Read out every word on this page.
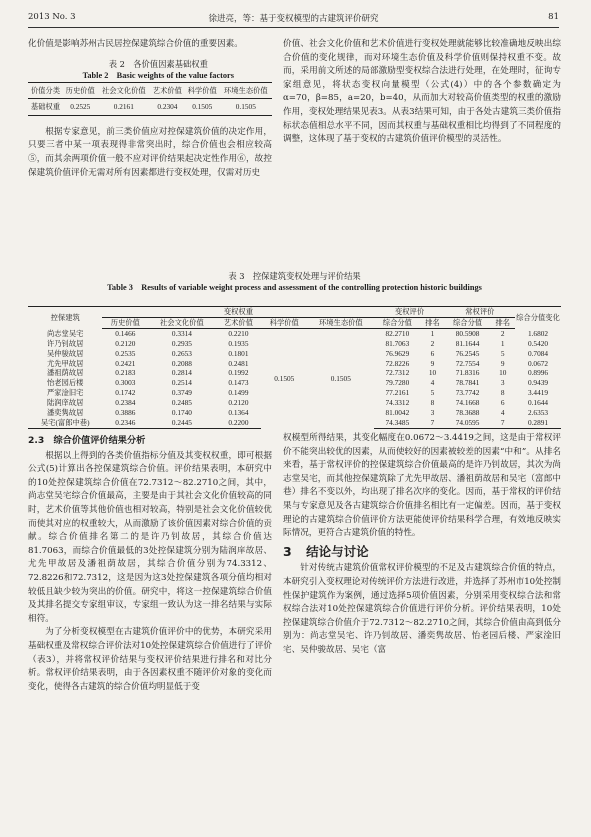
2013 No. 3	徐进亮，等：基于变权模型的古建筑评价研究	81

化价值是影响苏州古民居控保建筑综合价值的重要因素。

表 2　各价值因素基础权重

Table 2　Basic weights of the value factors

价值分类	历史价值	社会文化价值	艺术价值	科学价值	环境生态价值

基础权重	0.2525	0.2161	0.2304	0.1505	0.1505

根据专家意见，前三类价值应对控保建筑价值的决定作用，只要三者中某一项表现得非常突出时，综合价值也会相应较高⑤，而其余两项价值一般不应对评价结果起决定性作用⑥，故控保建筑价值评价无需对所有因素都进行变权处理，仅需对历史

价值、社会文化价值和艺术价值进行变权处理就能够比较准确地反映出综合价值的变化规律，而对环境生态价值及科学价值则保持权重不变。故而，采用前文所述的局部激励型变权综合法进行处理，在处理时，征询专家组意见，将状态变权向量模型（公式(4)）中的各个参数确定为 α=70，β=85，a=20，b=40，从而加大对较高价值类型的权重的激励作用，变权处理结果见表3。从表3结果可知，由于各处古建筑三类价值指标状态值相总水平不同，因而其权重与基础权重相比均得到了不同程度的调整，这体现了基于变权的古建筑价值评价模型的灵活性。

表 3　控保建筑变权处理与评价结果

Table 3　Results of variable weight process and assessment of the controlling protection historic buildings

控保建筑	变权权重					变权评价		常权评价		综合分值变化
	历史价值	社会文化价值	艺术价值	科学价值	环境生态价值	综合分值	排名	综合分值	排名	
尚志堂吴宅	0.1466	0.3314	0.2210	0.1505	0.1505	82.2710	1	80.5908	2	1.6802
许乃钊故居	0.2120	0.2935	0.1935			81.7063	2	81.1644	1	0.5420
吴仲骏故居	0.2535	0.2653	0.1801			76.9629	6	76.2545	5	0.7084
尤先甲故居	0.2421	0.2088	0.2481			72.8226	9	72.7554	9	0.0672
潘祖荫故居	0.2183	0.2814	0.1992			72.7312	10	71.8316	10	0.8996
怡老园后楼	0.3003	0.2514	0.1473			79.7280	4	78.7841	3	0.9439
严家淦旧宅	0.1742	0.3749	0.1499			77.2161	5	73.7742	8	3.4419
陆润庠故居	0.2384	0.2485	0.2120			74.3312	8	74.1668	6	0.1644
潘奕隽故居	0.3886	0.1740	0.1364			81.0042	3	78.3688	4	2.6353
吴宅(富郎中巷)	0.2346	0.2445	0.2200			74.3485	7	74.0595	7	0.2891
2.3　综合价值评价结果分析

根据以上得到的各类价值指标分值及其变权权重，即可根据公式(5)计算出各控保建筑综合价值。评价结果表明，本研究中的10处控保建筑综合价值在72.7312～82.2710之间，其中，尚志堂吴宅综合价值最高，主要是由于其社会文化价值较高的同时，艺术价值等其他价值也相对较高，特别是社会文化价值较优而使其对应的权重较大，从而激励了该价值因素对综合价值的贡献。综合价值排名第二的是许乃钊故居，其综合价值达81.7063，而综合价值最低的3处控保建筑分别为陆润庠故居、尤先甲故居及潘祖荫故居，其综合价值分别为74.3312、72.8226和72.7312，这是因为这3处控保建筑各项分值均相对较低且缺少较为突出的价值。研究中，将这一控保建筑综合价值及其排名提交专家组审议，专家组一致认为这一排名结果与实际相符。

为了分析变权模型在古建筑价值评价中的优势，本研究采用基础权重及常权综合评价法对10处控保建筑综合价值进行了评价（表3），并将常权评价结果与变权评价结果进行排名和对比分析。常权评价结果表明，由于各因素权重不随评价对象的变化而变化，使得各古建筑的综合价值均明显低于变

权模型所得结果，其变化幅度在0.0672～3.4419之间，这是由于常权评价不能突出较优的因素，从而使较好的因素被较差的因素“中和”。从排名来看，基于常权评价的控保建筑综合价值最高的是许乃钊故居，其次为尚志堂吴宅，而其他控保建筑除了尤先甲故居、潘祖荫故居和吴宅（富郎中巷）排名不变以外，均出现了排名次序的变化。因而，基于常权的评价结果与专家意见及各古建筑综合价值排名相比有一定偏差。因而，基于变权理论的古建筑综合价值评价方法更能使评价结果科学合理，有效地反映实际情况，更符合古建筑价值的特性。

3 结论与讨论

针对传统古建筑价值常权评价模型的不足及古建筑综合价值的特点，本研究引入变权理论对传统评价方法进行改进，并选择了苏州市10处控制性保护建筑作为案例，通过选择5项价值因素，分别采用变权综合法和常权综合法对10处控保建筑综合价值进行评价分析。评价结果表明，10处控保建筑综合价值介于72.7312～82.2710之间，其综合价值由高到低分别为：尚志堂吴宅、许乃钊故居、潘奕隽故居、怡老园后楼、严家淦旧宅、吴仲骏故居、吴宅（富
